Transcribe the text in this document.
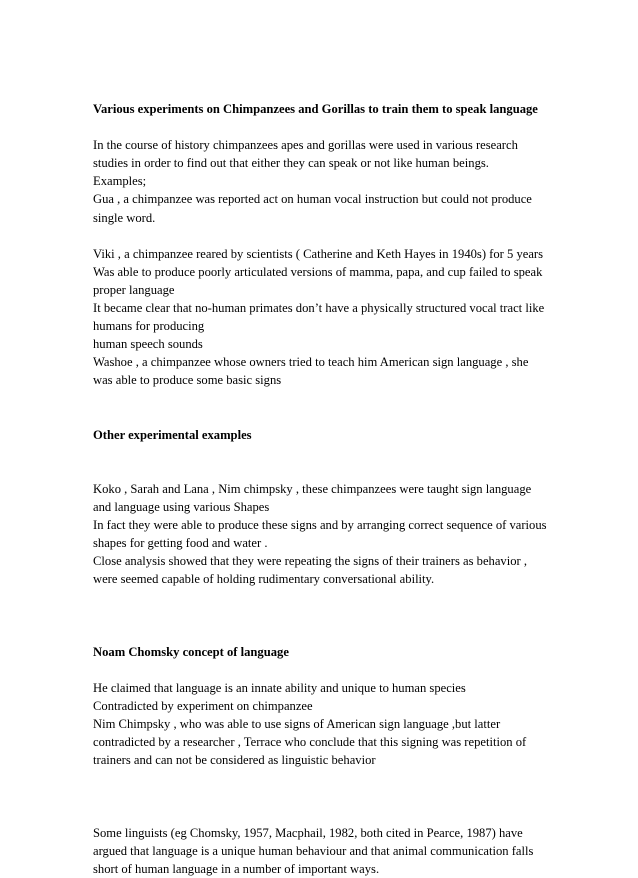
Various experiments on Chimpanzees and Gorillas to train them to speak language

In the course of history chimpanzees apes and gorillas were used in various research

studies in order to find out that either they can speak or not like human beings.

Examples;

Gua , a chimpanzee was reported act on human vocal instruction but could not produce

single word.

Viki , a chimpanzee reared by scientists ( Catherine and Keth Hayes in 1940s) for 5 years

Was able to produce poorly articulated versions of mamma, papa, and cup failed to speak

proper language

It became clear that no-human primates don’t have a physically structured vocal tract like

humans for producing

human speech sounds

Washoe , a chimpanzee whose owners tried to teach him American sign language , she

was able to produce some basic signs

Other experimental examples

Koko , Sarah and Lana , Nim chimpsky , these chimpanzees were taught sign language

and language using various Shapes

In fact they were able to produce these signs and by arranging correct sequence of various

shapes for getting food and water .

Close analysis showed that they were repeating the signs of their trainers as behavior ,

were seemed capable of holding rudimentary conversational ability.

Noam Chomsky concept of language

He claimed that language is an innate ability and unique to human species

Contradicted by experiment on chimpanzee

Nim Chimpsky , who was able to use signs of American sign language ,but latter

contradicted by a researcher , Terrace who conclude that this signing was repetition of

trainers and can not be considered as linguistic behavior

Some linguists (eg Chomsky, 1957, Macphail, 1982, both cited in Pearce, 1987) have

argued that language is a unique human behaviour and that animal communication falls

short of human language in a number of important ways.
